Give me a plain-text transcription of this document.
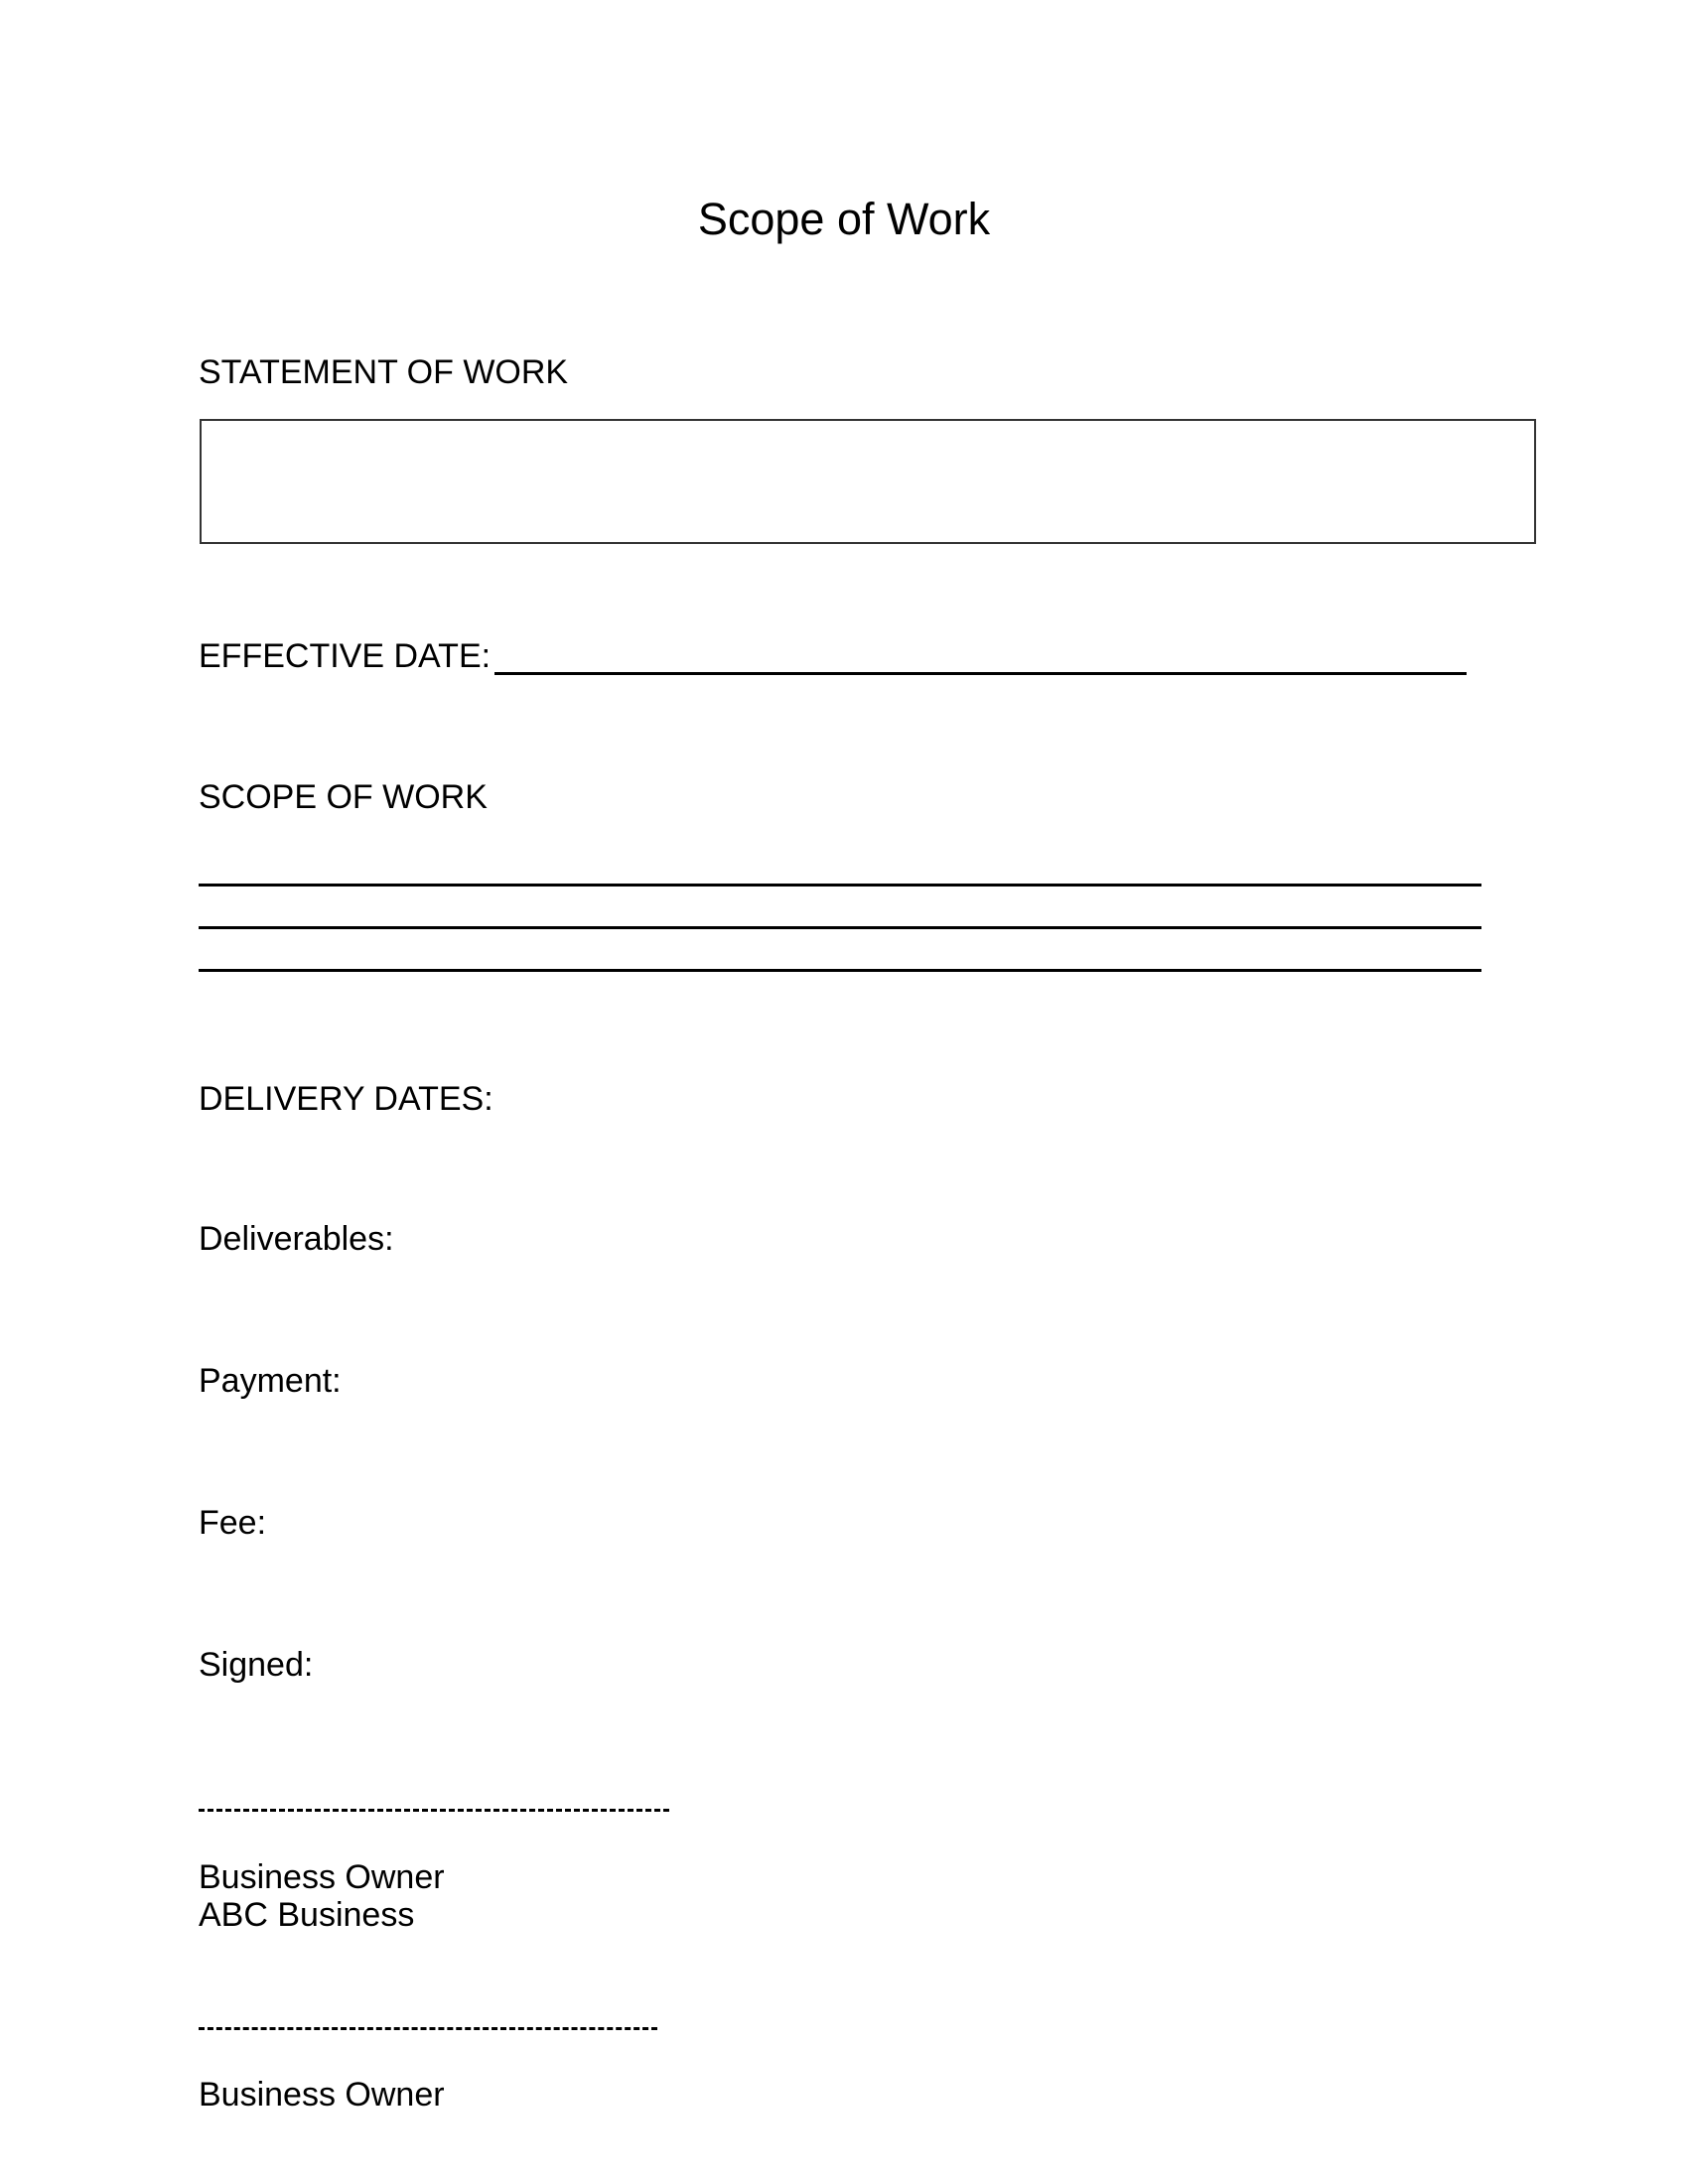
Scope of Work
STATEMENT OF WORK
EFFECTIVE DATE:
SCOPE OF WORK
DELIVERY DATES:
Deliverables:
Payment:
Fee:
Signed:
Business Owner
ABC Business
Business Owner
